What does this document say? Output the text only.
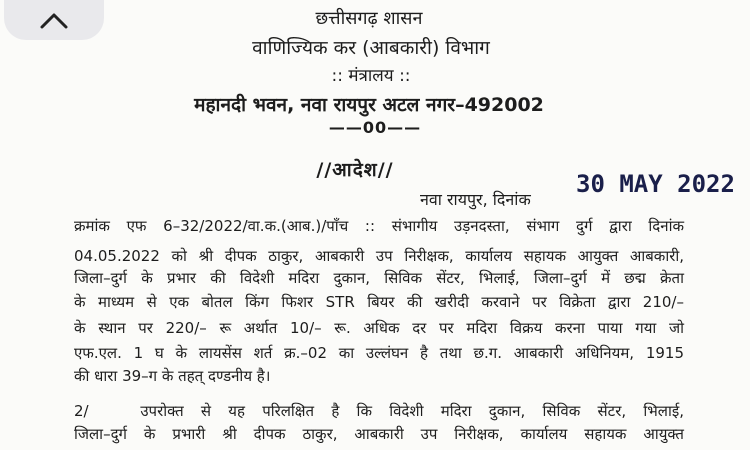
छत्तीसगढ़ शासन
वाणिज्यिक कर (आबकारी) विभाग
:: मंत्रालय ::
महानदी भवन, नवा रायपुर अटल नगर–492002
——00——
//आदेश//
नवा रायपुर, दिनांक
30 MAY 2022
क्रमांक एफ 6–32/2022/वा.क.(आब.)/पाँच :: संभागीय उड़नदस्ता, संभाग दुर्ग द्वारा दिनांक
04.05.2022 को श्री दीपक ठाकुर, आबकारी उप निरीक्षक, कार्यालय सहायक आयुक्त आबकारी,
जिला–दुर्ग के प्रभार की विदेशी मदिरा दुकान, सिविक सेंटर, भिलाई, जिला–दुर्ग में छद्म क्रेता
के माध्यम से एक बोतल किंग फिशर STR बियर की खरीदी करवाने पर विक्रेता द्वारा 210/–
के स्थान पर 220/– रू अर्थात 10/– रू. अधिक दर पर मदिरा विक्रय करना पाया गया जो
एफ.एल. 1 घ के लायसेंस शर्त क्र.–02 का उल्लंघन है तथा छ.ग. आबकारी अधिनियम, 1915
की धारा 39–ग के तहत् दण्डनीय है।
2/   उपरोक्त से यह परिलक्षित है कि विदेशी मदिरा दुकान, सिविक सेंटर, भिलाई,
जिला–दुर्ग के प्रभारी श्री दीपक ठाकुर, आबकारी उप निरीक्षक, कार्यालय सहायक आयुक्त
